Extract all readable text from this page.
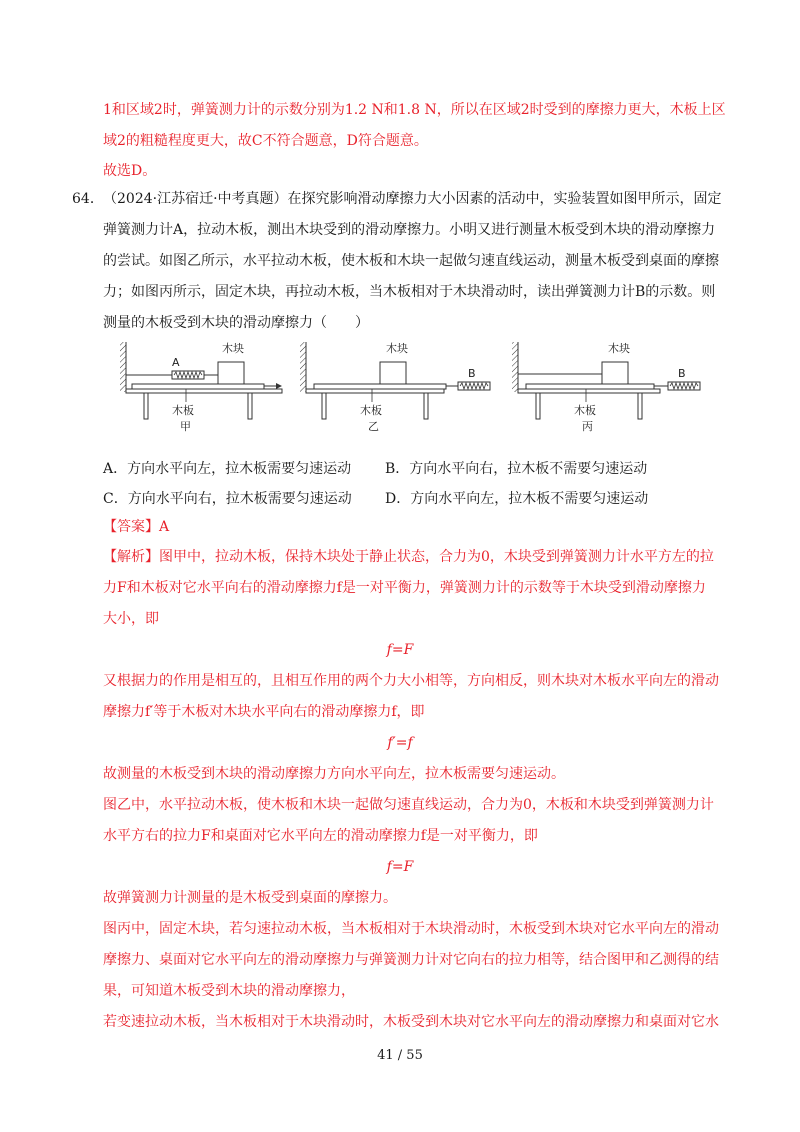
1和区域2时，弹簧测力计的示数分别为1.2 N和1.8 N，所以在区域2时受到的摩擦力更大，木板上区
域2的粗糙程度更大，故C不符合题意，D符合题意。
故选D。
64． （2024·江苏宿迁·中考真题）在探究影响滑动摩擦力大小因素的活动中，实验装置如图甲所示，固定
弹簧测力计A，拉动木板，测出木块受到的滑动摩擦力。小明又进行测量木板受到木块的滑动摩擦力
的尝试。如图乙所示，水平拉动木板，使木板和木块一起做匀速直线运动，测量木板受到桌面的摩擦
力；如图丙所示，固定木块，再拉动木板，当木板相对于木块滑动时，读出弹簧测力计B的示数。则
测量的木板受到木块的滑动摩擦力（　　）
A
木块
木板
甲
木块
B
木板
乙
木块
B
木板
丙
A．方向水平向左，拉木板需要匀速运动 B．方向水平向右，拉木板不需要匀速运动
C．方向水平向右，拉木板需要匀速运动 D．方向水平向左，拉木板不需要匀速运动
【答案】A
【解析】图甲中，拉动木板，保持木块处于静止状态，合力为0，木块受到弹簧测力计水平方左的拉
力F和木板对它水平向右的滑动摩擦力f是一对平衡力，弹簧测力计的示数等于木块受到滑动摩擦力
大小，即
f=F
又根据力的作用是相互的，且相互作用的两个力大小相等，方向相反，则木块对木板水平向左的滑动
摩擦力f′等于木板对木块水平向右的滑动摩擦力f，即
f′=f
故测量的木板受到木块的滑动摩擦力方向水平向左，拉木板需要匀速运动。
图乙中，水平拉动木板，使木板和木块一起做匀速直线运动，合力为0，木板和木块受到弹簧测力计
水平方右的拉力F和桌面对它水平向左的滑动摩擦力f是一对平衡力，即
f=F
故弹簧测力计测量的是木板受到桌面的摩擦力。
图丙中，固定木块，若匀速拉动木板，当木板相对于木块滑动时，木板受到木块对它水平向左的滑动
摩擦力、桌面对它水平向左的滑动摩擦力与弹簧测力计对它向右的拉力相等，结合图甲和乙测得的结
果，可知道木板受到木块的滑动摩擦力，
若变速拉动木板，当木板相对于木块滑动时，木板受到木块对它水平向左的滑动摩擦力和桌面对它水
41 / 55
